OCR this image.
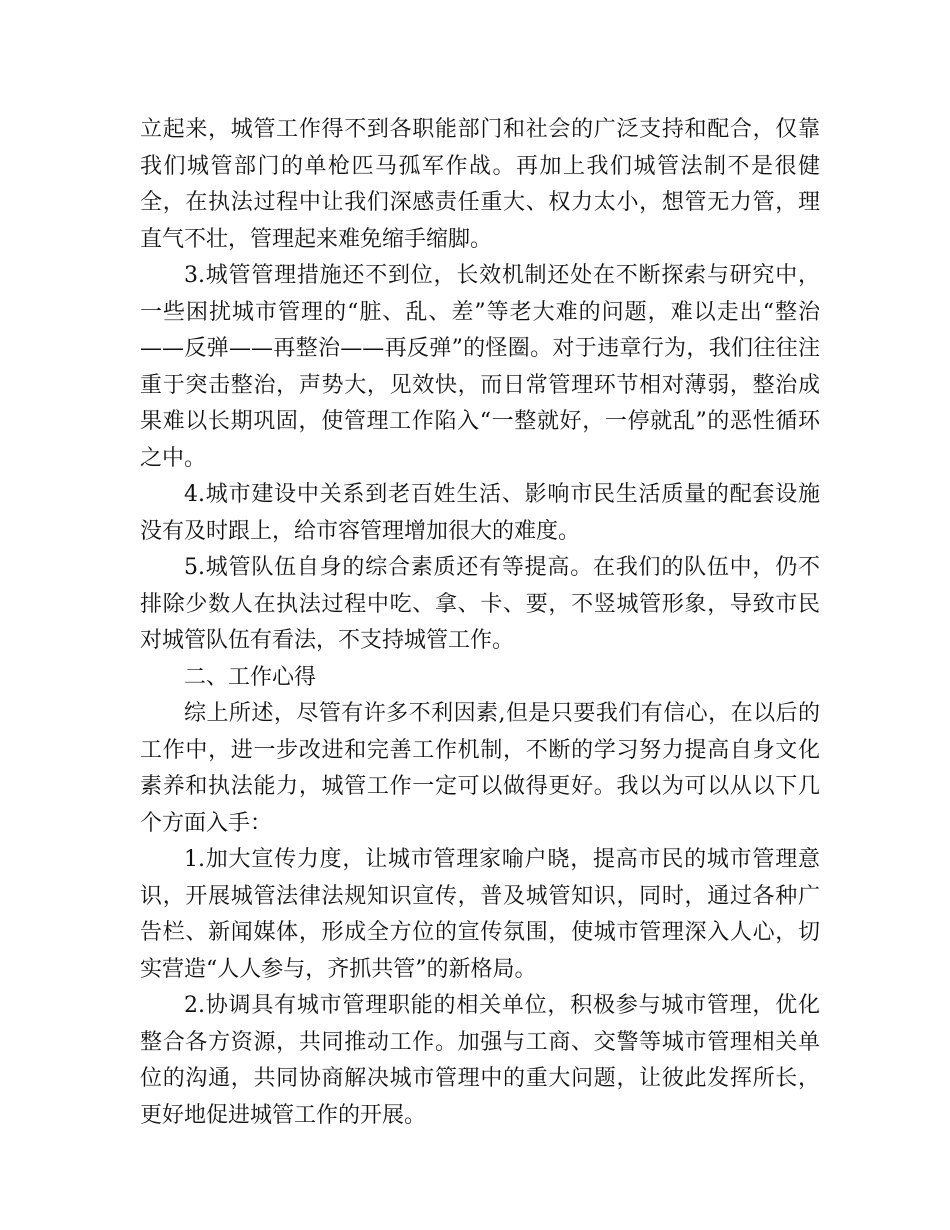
立起来，城管工作得不到各职能部门和社会的广泛支持和配合，仅靠我们城管部门的单枪匹马孤军作战。再加上我们城管法制不是很健全，在执法过程中让我们深感责任重大、权力太小，想管无力管，理直气不壮，管理起来难免缩手缩脚。

3.城管管理措施还不到位，长效机制还处在不断探索与研究中，一些困扰城市管理的“脏、乱、差”等老大难的问题，难以走出“整治——反弹——再整治——再反弹”的怪圈。对于违章行为，我们往往注重于突击整治，声势大，见效快，而日常管理环节相对薄弱，整治成果难以长期巩固，使管理工作陷入“一整就好，一停就乱”的恶性循环之中。

4.城市建设中关系到老百姓生活、影响市民生活质量的配套设施没有及时跟上，给市容管理增加很大的难度。

5.城管队伍自身的综合素质还有等提高。在我们的队伍中，仍不排除少数人在执法过程中吃、拿、卡、要，不竖城管形象，导致市民对城管队伍有看法，不支持城管工作。

二、工作心得

综上所述，尽管有许多不利因素,但是只要我们有信心，在以后的工作中，进一步改进和完善工作机制，不断的学习努力提高自身文化素养和执法能力，城管工作一定可以做得更好。我以为可以从以下几个方面入手：

1.加大宣传力度，让城市管理家喻户晓，提高市民的城市管理意识，开展城管法律法规知识宣传，普及城管知识，同时，通过各种广告栏、新闻媒体，形成全方位的宣传氛围，使城市管理深入人心，切实营造“人人参与，齐抓共管”的新格局。

2.协调具有城市管理职能的相关单位，积极参与城市管理，优化整合各方资源，共同推动工作。加强与工商、交警等城市管理相关单位的沟通，共同协商解决城市管理中的重大问题，让彼此发挥所长，更好地促进城管工作的开展。
